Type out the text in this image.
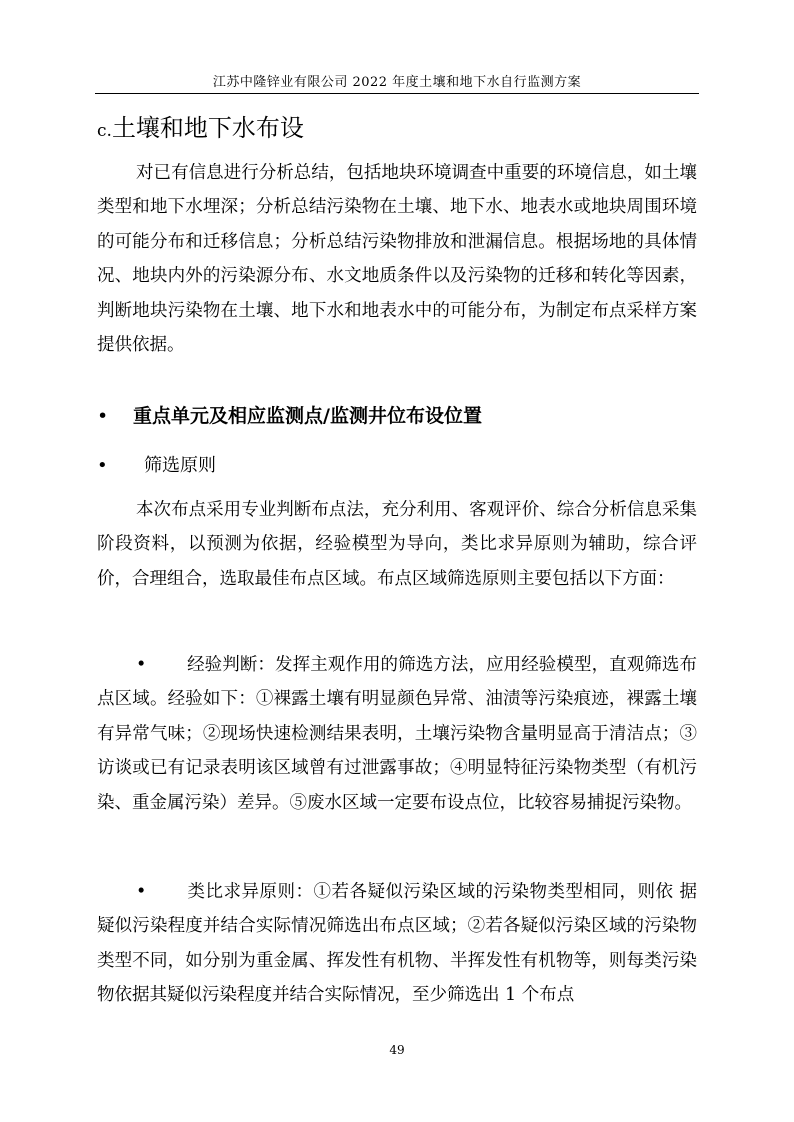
江苏中隆锌业有限公司 2022 年度土壤和地下水自行监测方案
c.土壤和地下水布设

对已有信息进行分析总结，包括地块环境调查中重要的环境信息，如土壤类型和地下水埋深；分析总结污染物在土壤、地下水、地表水或地块周围环境的可能分布和迁移信息；分析总结污染物排放和泄漏信息。根据场地的具体情况、地块内外的污染源分布、水文地质条件以及污染物的迁移和转化等因素，判断地块污染物在土壤、地下水和地表水中的可能分布，为制定布点采样方案提供依据。

• 重点单元及相应监测点/监测井位布设位置
• 筛选原则

本次布点采用专业判断布点法，充分利用、客观评价、综合分析信息采集阶段资料，以预测为依据，经验模型为导向，类比求异原则为辅助，综合评价，合理组合，选取最佳布点区域。布点区域筛选原则主要包括以下方面：

• 经验判断：发挥主观作用的筛选方法，应用经验模型，直观筛选布点区域。经验如下：①裸露土壤有明显颜色异常、油渍等污染痕迹，裸露土壤有异常气味；②现场快速检测结果表明，土壤污染物含量明显高于清洁点；③访谈或已有记录表明该区域曾有过泄露事故；④明显特征污染物类型（有机污染、重金属污染）差异。⑤废水区域一定要布设点位，比较容易捕捉污染物。

• 类比求异原则：①若各疑似污染区域的污染物类型相同，则依 据疑似污染程度并结合实际情况筛选出布点区域；②若各疑似污染区域的污染物类型不同，如分别为重金属、挥发性有机物、半挥发性有机物等，则每类污染物依据其疑似污染程度并结合实际情况，至少筛选出 1 个布点

49
